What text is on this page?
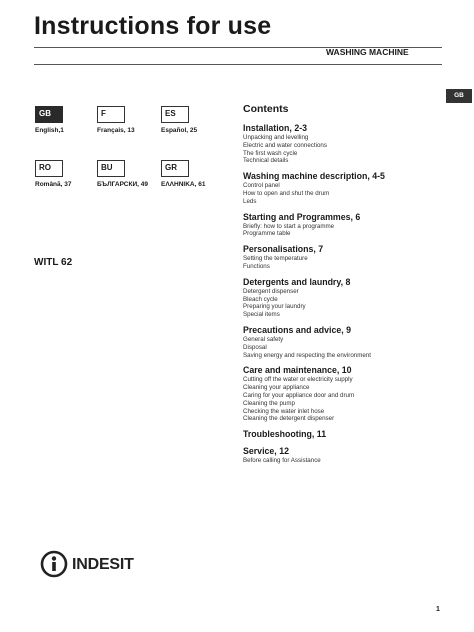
Instructions for use
WASHING MACHINE
GB
GB
English,1
F
Français, 13
ES
Español, 25
RO
Românã, 37
BU
БЪЛГАРСКИ, 49
GR
ΕΛΛΗΝΙΚΑ, 61
WITL 62
Contents
Installation, 2-3
Unpacking and levelling
Electric and water connections
The first wash cycle
Technical details
Washing machine description, 4-5
Control panel
How to open and shut the drum
Leds
Starting and Programmes, 6
Briefly: how to start a programme
Programme table
Personalisations, 7
Setting the temperature
Functions
Detergents and laundry, 8
Detergent dispenser
Bleach cycle
Preparing your laundry
Special items
Precautions and advice, 9
General safety
Disposal
Saving energy and respecting the environment
Care and maintenance, 10
Cutting off the water or electricity supply
Cleaning your appliance
Caring for your appliance door and drum
Cleaning the pump
Checking the water inlet hose
Cleaning the detergent dispenser
Troubleshooting, 11
Service, 12
Before calling for Assistance
INDESIT
1
